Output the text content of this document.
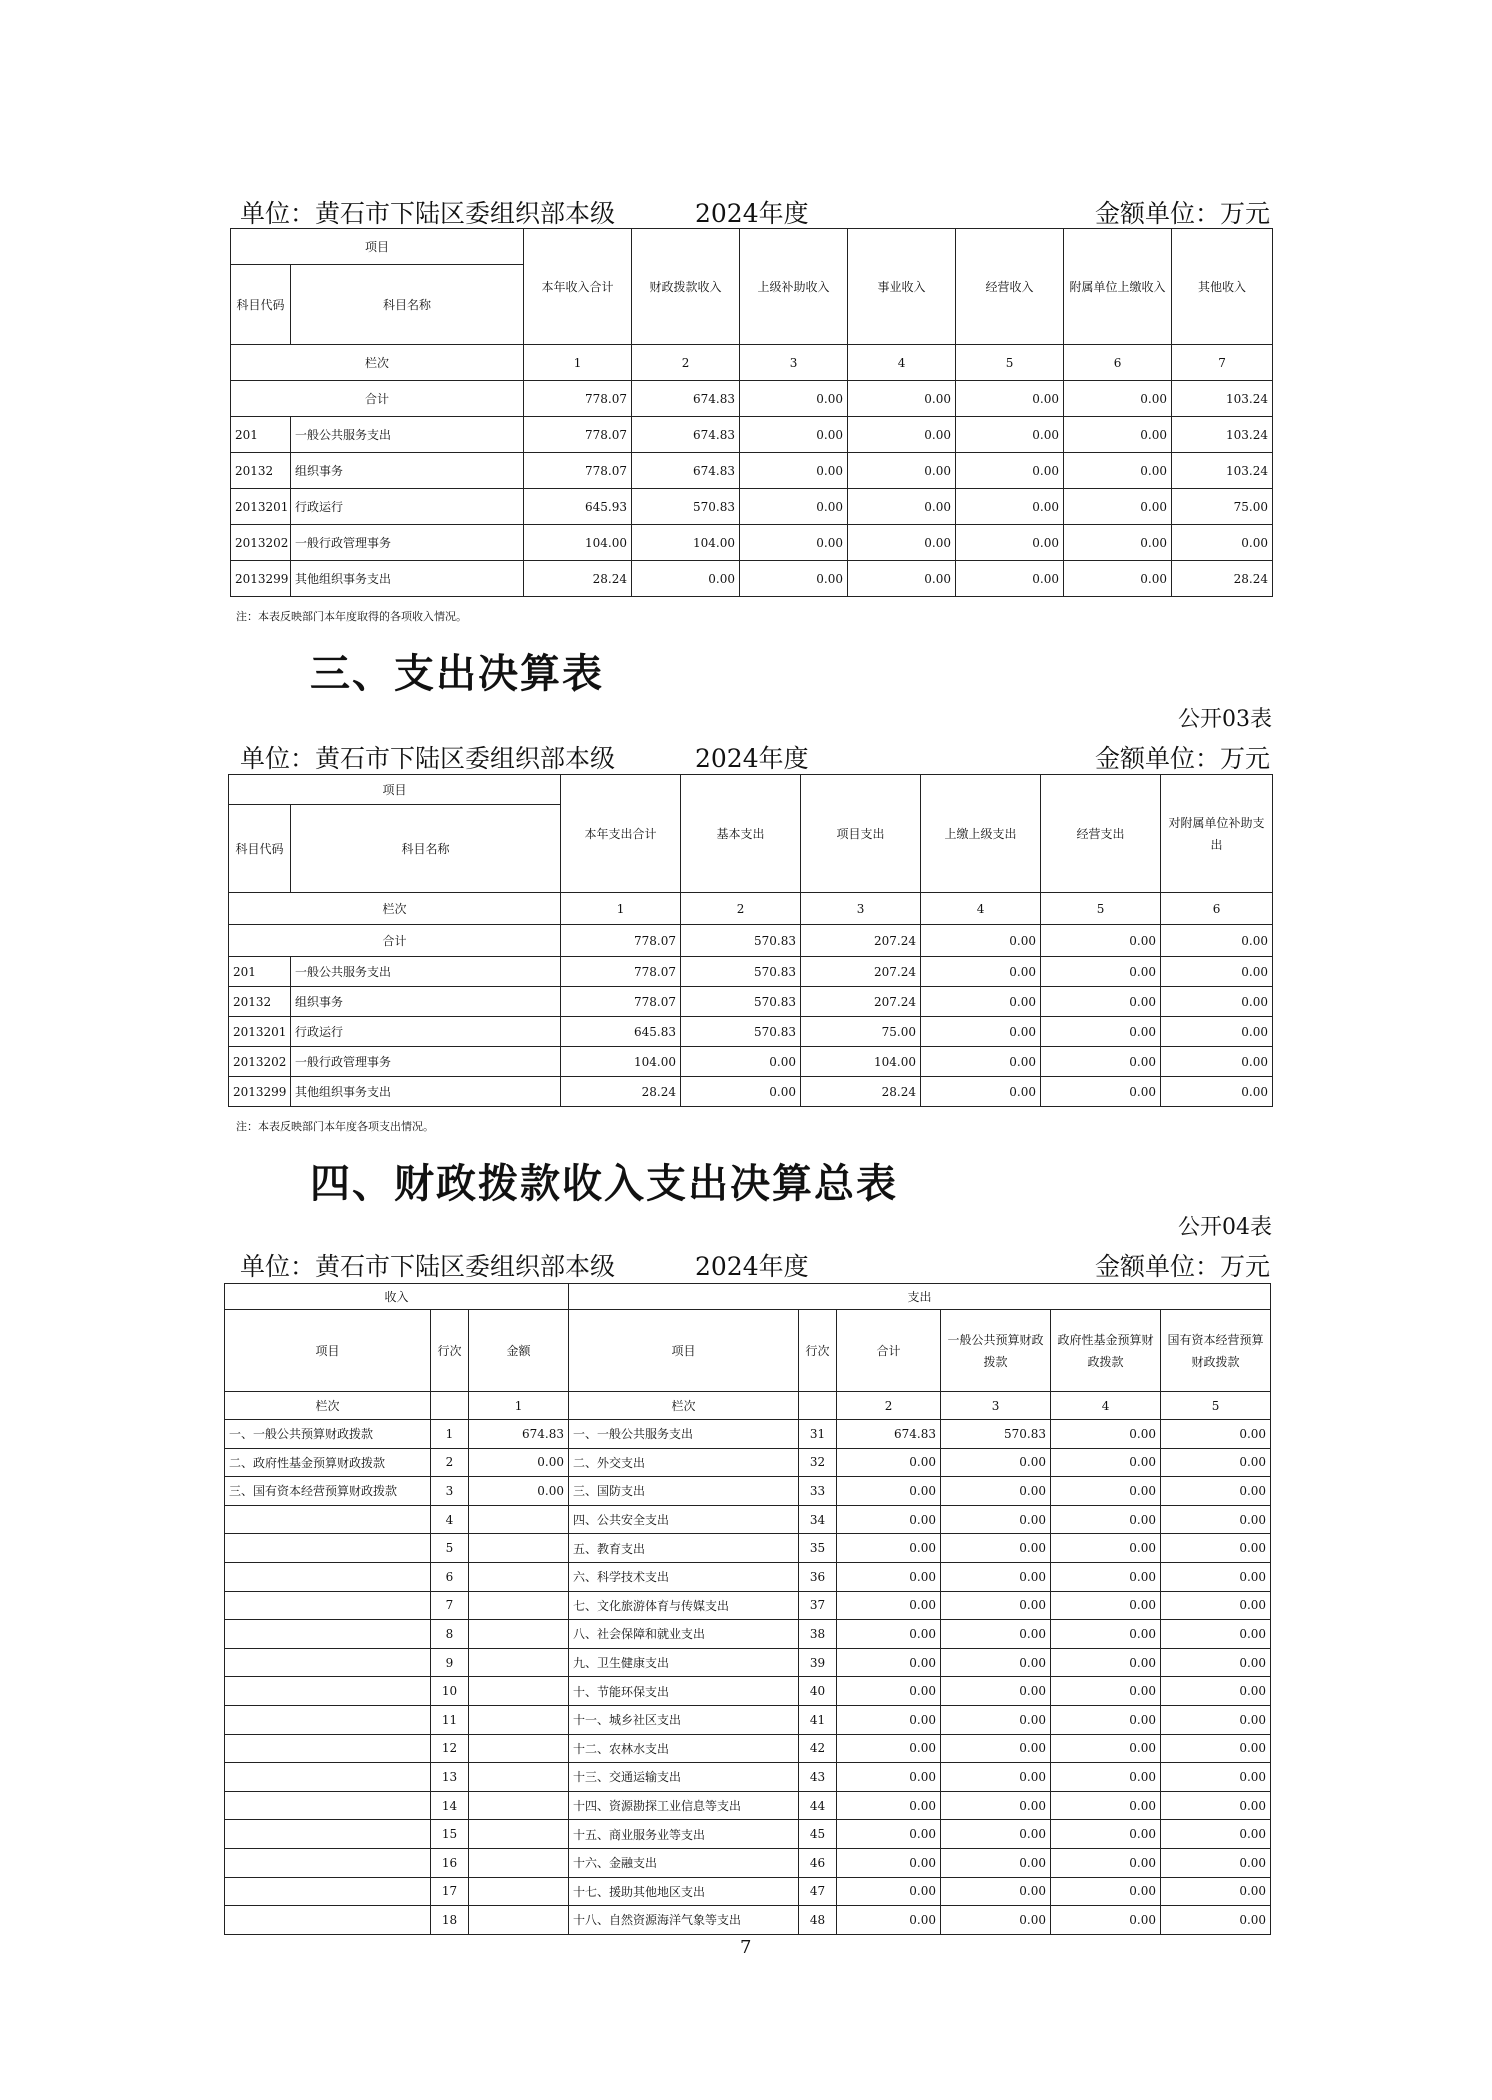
单位：黄石市下陆区委组织部本级	2024年度	金额单位：万元
项目		本年收入合计	财政拨款收入	上级补助收入	事业收入	经营收入	附属单位上缴收入	其他收入
科目代码	科目名称							
栏次		1	2	3	4	5	6	7
合计		778.07	674.83	0.00	0.00	0.00	0.00	103.24
201	一般公共服务支出	778.07	674.83	0.00	0.00	0.00	0.00	103.24
20132	组织事务	778.07	674.83	0.00	0.00	0.00	0.00	103.24
2013201	行政运行	645.93	570.83	0.00	0.00	0.00	0.00	75.00
2013202	一般行政管理事务	104.00	104.00	0.00	0.00	0.00	0.00	0.00
2013299	其他组织事务支出	28.24	0.00	0.00	0.00	0.00	0.00	28.24
注：本表反映部门本年度取得的各项收入情况。
三、支出决算表
公开03表
单位：黄石市下陆区委组织部本级	2024年度	金额单位：万元
项目		本年支出合计	基本支出	项目支出	上缴上级支出	经营支出	对附属单位补助支出
科目代码	科目名称						
栏次		1	2	3	4	5	6
合计		778.07	570.83	207.24	0.00	0.00	0.00
201	一般公共服务支出	778.07	570.83	207.24	0.00	0.00	0.00
20132	组织事务	778.07	570.83	207.24	0.00	0.00	0.00
2013201	行政运行	645.83	570.83	75.00	0.00	0.00	0.00
2013202	一般行政管理事务	104.00	0.00	104.00	0.00	0.00	0.00
2013299	其他组织事务支出	28.24	0.00	28.24	0.00	0.00	0.00
注：本表反映部门本年度各项支出情况。
四、财政拨款收入支出决算总表
公开04表
单位：黄石市下陆区委组织部本级	2024年度	金额单位：万元
收入			支出					
项目	行次	金额	项目	行次	合计	一般公共预算财政拨款	政府性基金预算财政拨款	国有资本经营预算财政拨款
栏次		1	栏次		2	3	4	5
一、一般公共预算财政拨款	1	674.83	一、一般公共服务支出	31	674.83	570.83	0.00	0.00
二、政府性基金预算财政拨款	2	0.00	二、外交支出	32	0.00	0.00	0.00	0.00
三、国有资本经营预算财政拨款	3	0.00	三、国防支出	33	0.00	0.00	0.00	0.00
	4		四、公共安全支出	34	0.00	0.00	0.00	0.00
	5		五、教育支出	35	0.00	0.00	0.00	0.00
	6		六、科学技术支出	36	0.00	0.00	0.00	0.00
	7		七、文化旅游体育与传媒支出	37	0.00	0.00	0.00	0.00
	8		八、社会保障和就业支出	38	0.00	0.00	0.00	0.00
	9		九、卫生健康支出	39	0.00	0.00	0.00	0.00
	10		十、节能环保支出	40	0.00	0.00	0.00	0.00
	11		十一、城乡社区支出	41	0.00	0.00	0.00	0.00
	12		十二、农林水支出	42	0.00	0.00	0.00	0.00
	13		十三、交通运输支出	43	0.00	0.00	0.00	0.00
	14		十四、资源勘探工业信息等支出	44	0.00	0.00	0.00	0.00
	15		十五、商业服务业等支出	45	0.00	0.00	0.00	0.00
	16		十六、金融支出	46	0.00	0.00	0.00	0.00
	17		十七、援助其他地区支出	47	0.00	0.00	0.00	0.00
	18		十八、自然资源海洋气象等支出	48	0.00	0.00	0.00	0.00
7
